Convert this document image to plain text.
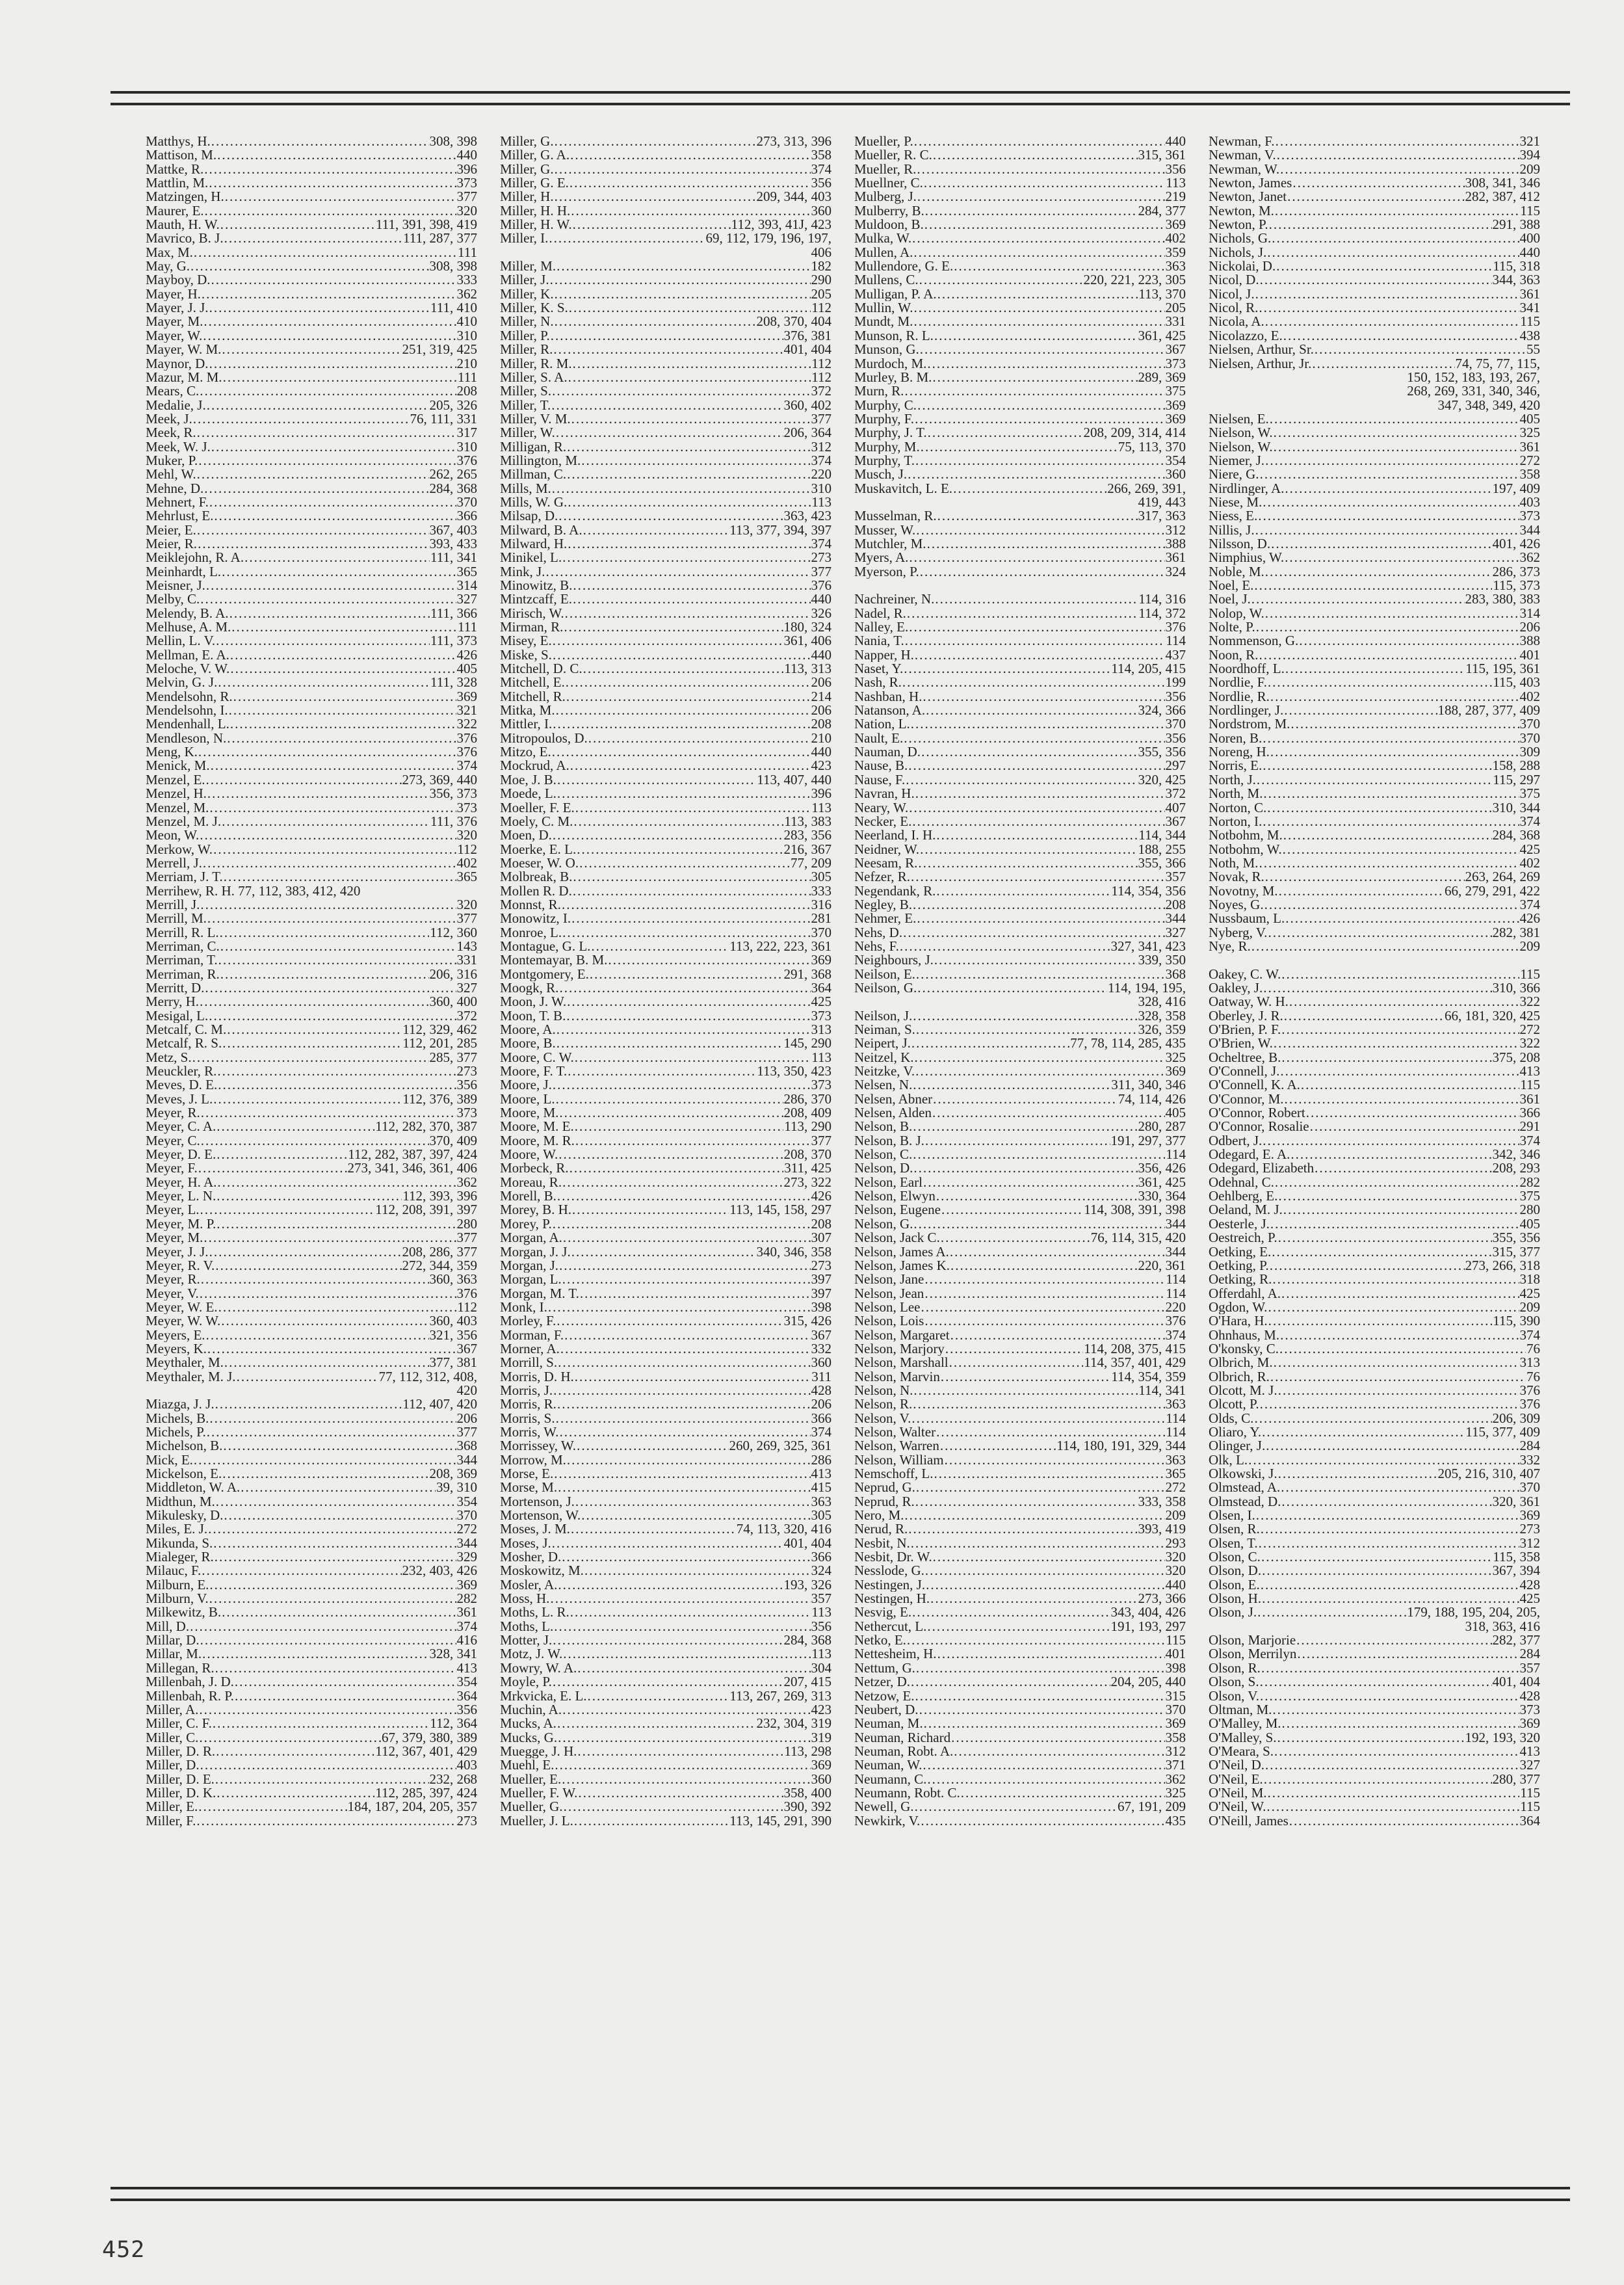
Matthys, H. .....	308, 398
Mattison, M. .....	440
Mattke, R. .....	396
Mattlin, M. .....	373
Matzingen, H. .....	377
Maurer, E. .....	320
Mauth, H. W. .....	111, 391, 398, 419
Mavrico, B. J. .....	111, 287, 377
Max, M. .....	111
May, G. .....	308, 398
Mayboy, D. .....	333
Mayer, H. .....	362
Mayer, J. J. .....	111, 410
Mayer, M. .....	410
Mayer, W. .....	310
Mayer, W. M. .....	251, 319, 425
Maynor, D. .....	210
Mazur, M. M. .....	111
Mears, C. .....	208
Medalie, J. .....	205, 326
Meek, J. .....	76, 111, 331
Meek, R. .....	317
Meek, W. J. .....	310
Muker, P. .....	376
Mehl, W. .....	262, 265
Mehne, D. .....	284, 368
Mehnert, F. .....	370
Mehrlust, E. .....	366
Meier, E. .....	367, 403
Meier, R. .....	393, 433
Meiklejohn, R. A. .....	111, 341
Meinhardt, L. .....	365
Meisner, J. .....	314
Melby, C. .....	327
Melendy, B. A. .....	111, 366
Melhuse, A. M. .....	111
Mellin, L. V. .....	111, 373
Mellman, E. A. .....	426
Meloche, V. W. .....	405
Melvin, G. J. .....	111, 328
Mendelsohn, R. .....	369
Mendelsohn, I. .....	321
Mendenhall, L. .....	322
Mendleson, N. .....	376
Meng, K. .....	376
Menick, M. .....	374
Menzel, E. .....	273, 369, 440
Menzel, H. .....	356, 373
Menzel, M. .....	373
Menzel, M. J. .....	111, 376
Meon, W. .....	320
Merkow, W. .....	112
Merrell, J. .....	402
Merriam, J. T. .....	365
Merrihew, R. H. 77, 112, 383, 412, 420
Merrill, J. .....	320
Merrill, M. .....	377
Merrill, R. L. .....	112, 360
Merriman, C. .....	143
Merriman, T. .....	331
Merriman, R. .....	206, 316
Merritt, D. .....	327
Merry, H. .....	360, 400
Mesigal, L. .....	372
Metcalf, C. M. .....	112, 329, 462
Metcalf, R. S. .....	112, 201, 285
Metz, S. .....	285, 377
Meuckler, R. .....	273
Meves, D. E. .....	356
Meves, J. L. .....	112, 376, 389
Meyer, R. .....	373
Meyer, C. A. .....	112, 282, 370, 387
Meyer, C. .....	370, 409
Meyer, D. E. .....	112, 282, 387, 397, 424
Meyer, F. .....	273, 341, 346, 361, 406
Meyer, H. A. .....	362
Meyer, L. N. .....	112, 393, 396
Meyer, L. .....	112, 208, 391, 397
Meyer, M. P. .....	280
Meyer, M. .....	377
Meyer, J. J. .....	208, 286, 377
Meyer, R. V. .....	272, 344, 359
Meyer, R. .....	360, 363
Meyer, V. .....	376
Meyer, W. E. .....	112
Meyer, W. W. .....	360, 403
Meyers, E. .....	321, 356
Meyers, K. .....	367
Meythaler, M. .....	377, 381
Meythaler, M. J. .....	77, 112, 312, 408,
420
Miazga, J. J. .....	112, 407, 420
Michels, B. .....	206
Michels, P. .....	377
Michelson, B. .....	368
Mick, E. .....	344
Mickelson, E. .....	208, 369
Middleton, W. A. .....	39, 310
Midthun, M. .....	354
Mikulesky, D. .....	370
Miles, E. J. .....	272
Mikunda, S. .....	344
Mialeger, R. .....	329
Milauc, F. .....	232, 403, 426
Milburn, E. .....	369
Milburn, V. .....	282
Milkewitz, B. .....	361
Mill, D. .....	374
Millar, D. .....	416
Millar, M. .....	328, 341
Millegan, R. .....	413
Millenbah, J. D. .....	354
Millenbah, R. P. .....	364
Miller, A. .....	356
Miller, C. F. .....	112, 364
Miller, C. .....	67, 379, 380, 389
Miller, D. R. .....	112, 367, 401, 429
Miller, D. .....	403
Miller, D. E. .....	232, 268
Miller, D. K. .....	112, 285, 397, 424
Miller, E. .....	184, 187, 204, 205, 357
Miller, F. .....	273
Miller, G. .....	273, 313, 396
Miller, G. A. .....	358
Miller, G. .....	374
Miller, G. E. .....	356
Miller, H. .....	209, 344, 403
Miller, H. H. .....	360
Miller, H. W. .....	112, 393, 41J, 423
Miller, I. .....	69, 112, 179, 196, 197,
406
Miller, M. .....	182
Miller, J. .....	290
Miller, K. .....	205
Miller, K. S. .....	112
Miller, N. .....	208, 370, 404
Miller, P. .....	376, 381
Miller, R. .....	401, 404
Miller, R. M. .....	112
Miller, S. A. .....	112
Miller, S. .....	372
Miller, T. .....	360, 402
Miller, V. M. .....	377
Miller, W. .....	206, 364
Milligan, R. .....	312
Millington, M. .....	374
Millman, C. .....	220
Mills, M. .....	310
Mills, W. G. .....	113
Milsap, D. .....	363, 423
Milward, B. A. .....	113, 377, 394, 397
Milward, H. .....	374
Minikel, L. .....	273
Mink, J. .....	377
Minowitz, B. .....	376
Mintzcaff, E. .....	440
Mirisch, W. .....	326
Mirman, R. .....	180, 324
Misey, E. .....	361, 406
Miske, S. .....	440
Mitchell, D. C. .....	113, 313
Mitchell, E. .....	206
Mitchell, R. .....	214
Mitka, M. .....	206
Mittler, I. .....	208
Mitropoulos, D. .....	210
Mitzo, E. .....	440
Mockrud, A. .....	423
Moe, J. B. .....	113, 407, 440
Moede, L. .....	396
Moeller, F. E. .....	113
Moely, C. M. .....	113, 383
Moen, D. .....	283, 356
Moerke, E. L. .....	216, 367
Moeser, W. O. .....	77, 209
Molbreak, B. .....	305
Mollen R. D. .....	333
Monnst, R. .....	316
Monowitz, I. .....	281
Monroe, L. .....	370
Montague, G. L. .....	113, 222, 223, 361
Montemayar, B. M. .....	369
Montgomery, E. .....	291, 368
Moogk, R. .....	364
Moon, J. W. .....	425
Moon, T. B. .....	373
Moore, A. .....	313
Moore, B. .....	145, 290
Moore, C. W. .....	113
Moore, F. T. .....	113, 350, 423
Moore, J. .....	373
Moore, L. .....	286, 370
Moore, M. .....	208, 409
Moore, M. E. .....	113, 290
Moore, M. R. .....	377
Moore, W. .....	208, 370
Morbeck, R. .....	311, 425
Moreau, R. .....	273, 322
Morell, B. .....	426
Morey, B. H. .....	113, 145, 158, 297
Morey, P. .....	208
Morgan, A. .....	307
Morgan, J. J. .....	340, 346, 358
Morgan, J. .....	273
Morgan, L. .....	397
Morgan, M. T. .....	397
Monk, I. .....	398
Morley, F. .....	315, 426
Morman, F. .....	367
Morner, A. .....	332
Morrill, S. .....	360
Morris, D. H. .....	311
Morris, J. .....	428
Morris, R. .....	206
Morris, S. .....	366
Morris, W. .....	374
Morrissey, W. .....	260, 269, 325, 361
Morrow, M. .....	286
Morse, E. .....	413
Morse, M. .....	415
Mortenson, J. .....	363
Mortenson, W. .....	305
Moses, J. M. .....	74, 113, 320, 416
Moses, J. .....	401, 404
Mosher, D. .....	366
Moskowitz, M. .....	324
Mosler, A. .....	193, 326
Moss, H. .....	357
Moths, L. R. .....	113
Moths, L. .....	356
Motter, J. .....	284, 368
Motz, J. W. .....	113
Mowry, W. A. .....	304
Moyle, P. .....	207, 415
Mrkvicka, E. L. .....	113, 267, 269, 313
Muchin, A. .....	423
Mucks, A. .....	232, 304, 319
Mucks, G. .....	319
Muegge, J. H. .....	113, 298
Muehl, E. .....	369
Mueller, E. .....	360
Mueller, F. W. .....	358, 400
Mueller, G. .....	390, 392
Mueller, J. L. .....	113, 145, 291, 390
Mueller, P. .....	440
Mueller, R. C. .....	315, 361
Mueller, R. .....	356
Muellner, C. .....	113
Mulberg, J. .....	219
Mulberry, B. .....	284, 377
Muldoon, B. .....	369
Mulka, W. .....	402
Mullen, A. .....	359
Mullendore, G. E. .....	363
Mullens, C. .....	220, 221, 223, 305
Mulligan, P. A. .....	113, 370
Mullin, W. .....	205
Mundt, M. .....	331
Munson, R. L. .....	361, 425
Munson, G. .....	367
Murdoch, M. .....	373
Murley, B. M. .....	289, 369
Murn, R. .....	375
Murphy, C. .....	369
Murphy, F. .....	369
Murphy, J. T. .....	208, 209, 314, 414
Murphy, M. .....	75, 113, 370
Murphy, T. .....	354
Musch, J. .....	360
Muskavitch, L. E. .....	266, 269, 391,
419, 443
Musselman, R. .....	317, 363
Musser, W. .....	312
Mutchler, M. .....	388
Myers, A. .....	361
Myerson, P. .....	324
Nachreiner, N. .....	114, 316
Nadel, R. .....	114, 372
Nalley, E. .....	376
Nania, T. .....	114
Napper, H. .....	437
Naset, Y. .....	114, 205, 415
Nash, R. .....	199
Nashban, H. .....	356
Natanson, A. .....	324, 366
Nation, L. .....	370
Nault, E. .....	356
Nauman, D. .....	355, 356
Nause, B. .....	297
Nause, F. .....	320, 425
Navran, H. .....	372
Neary, W. .....	407
Necker, E. .....	367
Neerland, I. H. .....	114, 344
Neidner, W. .....	188, 255
Neesam, R. .....	355, 366
Nefzer, R. .....	357
Negendank, R. .....	114, 354, 356
Negley, B. .....	208
Nehmer, E. .....	344
Nehs, D. .....	327
Nehs, F. .....	327, 341, 423
Neighbours, J. .....	339, 350
Neilson, E. .....	368
Neilson, G. .....	114, 194, 195,
328, 416
Neilson, J. .....	328, 358
Neiman, S. .....	326, 359
Neipert, J. .....	77, 78, 114, 285, 435
Neitzel, K. .....	325
Neitzke, V. .....	369
Nelsen, N. .....	311, 340, 346
Nelsen, Abner .....	74, 114, 426
Nelsen, Alden .....	405
Nelson, B. .....	280, 287
Nelson, B. J. .....	191, 297, 377
Nelson, C. .....	114
Nelson, D. .....	356, 426
Nelson, Earl .....	361, 425
Nelson, Elwyn .....	330, 364
Nelson, Eugene .....	114, 308, 391, 398
Nelson, G. .....	344
Nelson, Jack C. .....	76, 114, 315, 420
Nelson, James A. .....	344
Nelson, James K. .....	220, 361
Nelson, Jane .....	114
Nelson, Jean .....	114
Nelson, Lee .....	220
Nelson, Lois .....	376
Nelson, Margaret .....	374
Nelson, Marjory .....	114, 208, 375, 415
Nelson, Marshall .....	114, 357, 401, 429
Nelson, Marvin .....	114, 354, 359
Nelson, N. .....	114, 341
Nelson, R. .....	363
Nelson, V. .....	114
Nelson, Walter .....	114
Nelson, Warren .....	114, 180, 191, 329, 344
Nelson, William .....	363
Nemschoff, L. .....	365
Neprud, G. .....	272
Neprud, R. .....	333, 358
Nero, M. .....	209
Nerud, R. .....	393, 419
Nesbit, N. .....	293
Nesbit, Dr. W. .....	320
Nesslode, G. .....	320
Nestingen, J. .....	440
Nestingen, H. .....	273, 366
Nesvig, E. .....	343, 404, 426
Nethercut, L. .....	191, 193, 297
Netko, E. .....	115
Nettesheim, H. .....	401
Nettum, G. .....	398
Netzer, D. .....	204, 205, 440
Netzow, E. .....	315
Neubert, D. .....	370
Neuman, M. .....	369
Neuman, Richard .....	358
Neuman, Robt. A. .....	312
Neuman, W. .....	371
Neumann, C. .....	362
Neumann, Robt. C. .....	325
Newell, G. .....	67, 191, 209
Newkirk, V. .....	435
Newman, F. .....	321
Newman, V. .....	394
Newman, W. .....	209
Newton, James .....	308, 341, 346
Newton, Janet .....	282, 387, 412
Newton, M. .....	115
Newton, P. .....	291, 388
Nichols, G. .....	400
Nichols, J. .....	440
Nickolai, D. .....	115, 318
Nicol, D. .....	344, 363
Nicol, J. .....	361
Nicol, R. .....	341
Nicola, A. .....	115
Nicolazzo, E. .....	438
Nielsen, Arthur, Sr. .....	55
Nielsen, Arthur, Jr. .....	74, 75, 77, 115,
150, 152, 183, 193, 267,
268, 269, 331, 340, 346,
347, 348, 349, 420
Nielsen, E. .....	405
Nielson, W. .....	325
Nielson, W. .....	361
Niemer, J. .....	272
Niere, G. .....	358
Nirdlinger, A. .....	197, 409
Niese, M. .....	403
Niess, E. .....	373
Nillis, J. .....	344
Nilsson, D. .....	401, 426
Nimphius, W. .....	362
Noble, M. .....	286, 373
Noel, E. .....	115, 373
Noel, J. .....	283, 380, 383
Nolop, W. .....	314
Nolte, P. .....	206
Nommenson, G. .....	388
Noon, R. .....	401
Noordhoff, L. .....	115, 195, 361
Nordlie, F. .....	115, 403
Nordlie, R. .....	402
Nordlinger, J. .....	188, 287, 377, 409
Nordstrom, M. .....	370
Noren, B. .....	370
Noreng, H. .....	309
Norris, E. .....	158, 288
North, J. .....	115, 297
North, M. .....	375
Norton, C. .....	310, 344
Norton, I. .....	374
Notbohm, M. .....	284, 368
Notbohm, W. .....	425
Noth, M. .....	402
Novak, R. .....	263, 264, 269
Novotny, M. .....	66, 279, 291, 422
Noyes, G. .....	374
Nussbaum, L. .....	426
Nyberg, V. .....	282, 381
Nye, R. .....	209
Oakey, C. W. .....	115
Oakley, J. .....	310, 366
Oatway, W. H. .....	322
Oberley, J. R. .....	66, 181, 320, 425
O'Brien, P. F. .....	272
O'Brien, W. .....	322
Ocheltree, B. .....	375, 208
O'Connell, J. .....	413
O'Connell, K. A. .....	115
O'Connor, M. .....	361
O'Connor, Robert .....	366
O'Connor, Rosalie .....	291
Odbert, J. .....	374
Odegard, E. A. .....	342, 346
Odegard, Elizabeth .....	208, 293
Odehnal, C. .....	282
Oehlberg, E. .....	375
Oeland, M. J. .....	280
Oesterle, J. .....	405
Oestreich, P. .....	355, 356
Oetking, E. .....	315, 377
Oetking, P. .....	273, 266, 318
Oetking, R. .....	318
Offerdahl, A. .....	425
Ogdon, W. .....	209
O'Hara, H. .....	115, 390
Ohnhaus, M. .....	374
O'konsky, C. .....	76
Olbrich, M. .....	313
Olbrich, R. .....	76
Olcott, M. J. .....	376
Olcott, P. .....	376
Olds, C. .....	206, 309
Oliaro, Y. .....	115, 377, 409
Olinger, J. .....	284
Olk, L. .....	332
Olkowski, J. .....	205, 216, 310, 407
Olmstead, A. .....	370
Olmstead, D. .....	320, 361
Olsen, I. .....	369
Olsen, R. .....	273
Olsen, T. .....	312
Olson, C. .....	115, 358
Olson, D. .....	367, 394
Olson, E. .....	428
Olson, H. .....	425
Olson, J. .....	179, 188, 195, 204, 205,
318, 363, 416
Olson, Marjorie .....	282, 377
Olson, Merrilyn .....	284
Olson, R. .....	357
Olson, S. .....	401, 404
Olson, V. .....	428
Oltman, M. .....	373
O'Malley, M. .....	369
O'Malley, S. .....	192, 193, 320
O'Meara, S. .....	413
O'Neil, D. .....	327
O'Neil, E. .....	280, 377
O'Neil, M. .....	115
O'Neil, W. .....	115
O'Neill, James .....	364
452
